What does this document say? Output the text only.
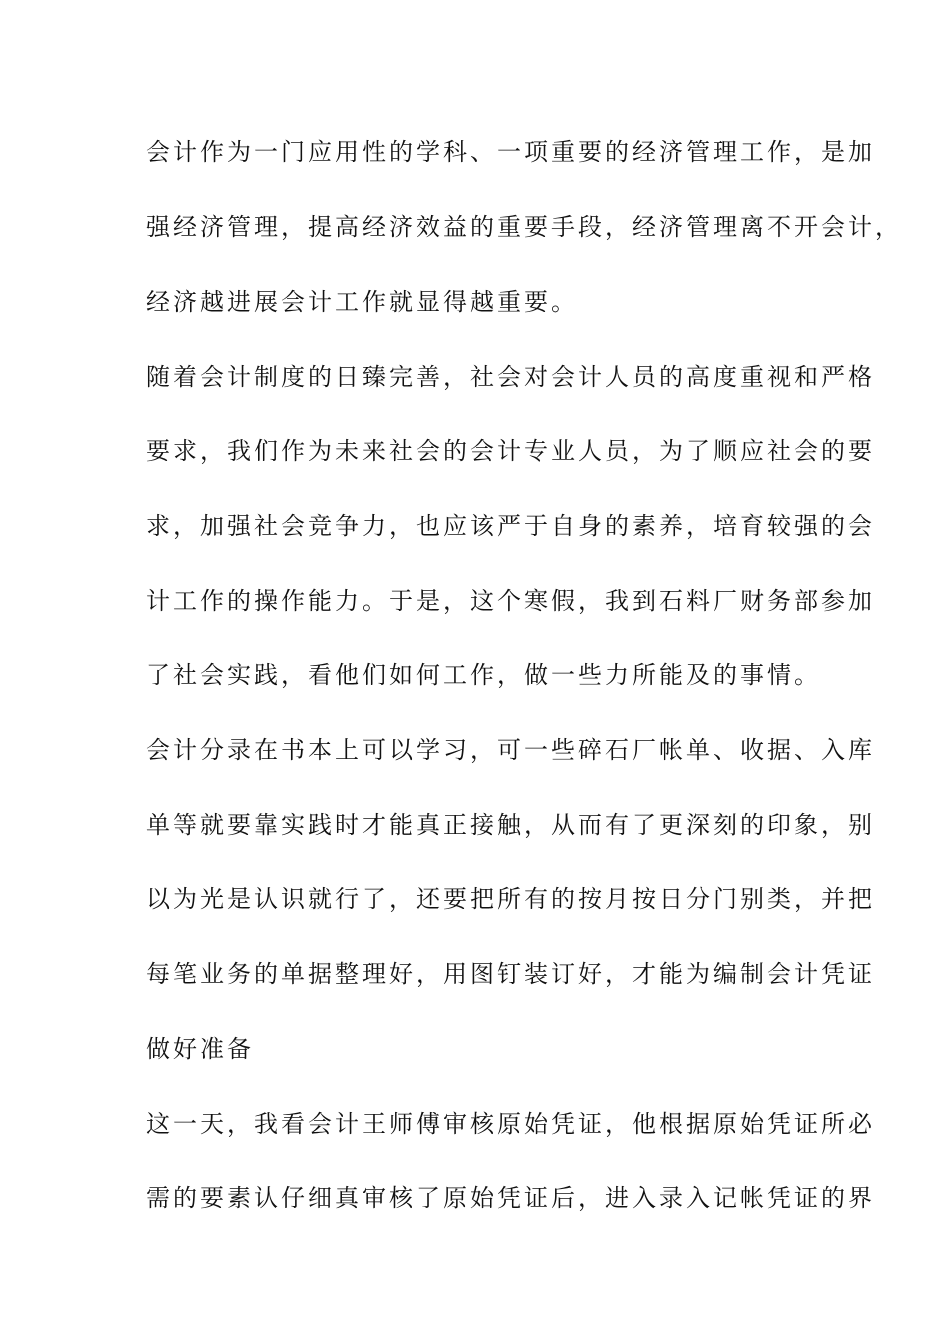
会计作为一门应用性的学科、一项重要的经济管理工作，是加
强经济管理，提高经济效益的重要手段，经济管理离不开会计，
经济越进展会计工作就显得越重要。
随着会计制度的日臻完善，社会对会计人员的高度重视和严格
要求，我们作为未来社会的会计专业人员，为了顺应社会的要
求，加强社会竞争力，也应该严于自身的素养，培育较强的会
计工作的操作能力。于是，这个寒假，我到石料厂财务部参加
了社会实践，看他们如何工作，做一些力所能及的事情。
会计分录在书本上可以学习，可一些碎石厂帐单、收据、入库
单等就要靠实践时才能真正接触，从而有了更深刻的印象，别
以为光是认识就行了，还要把所有的按月按日分门别类，并把
每笔业务的单据整理好，用图钉装订好，才能为编制会计凭证
做好准备
这一天，我看会计王师傅审核原始凭证，他根据原始凭证所必
需的要素认仔细真审核了原始凭证后，进入录入记帐凭证的界
